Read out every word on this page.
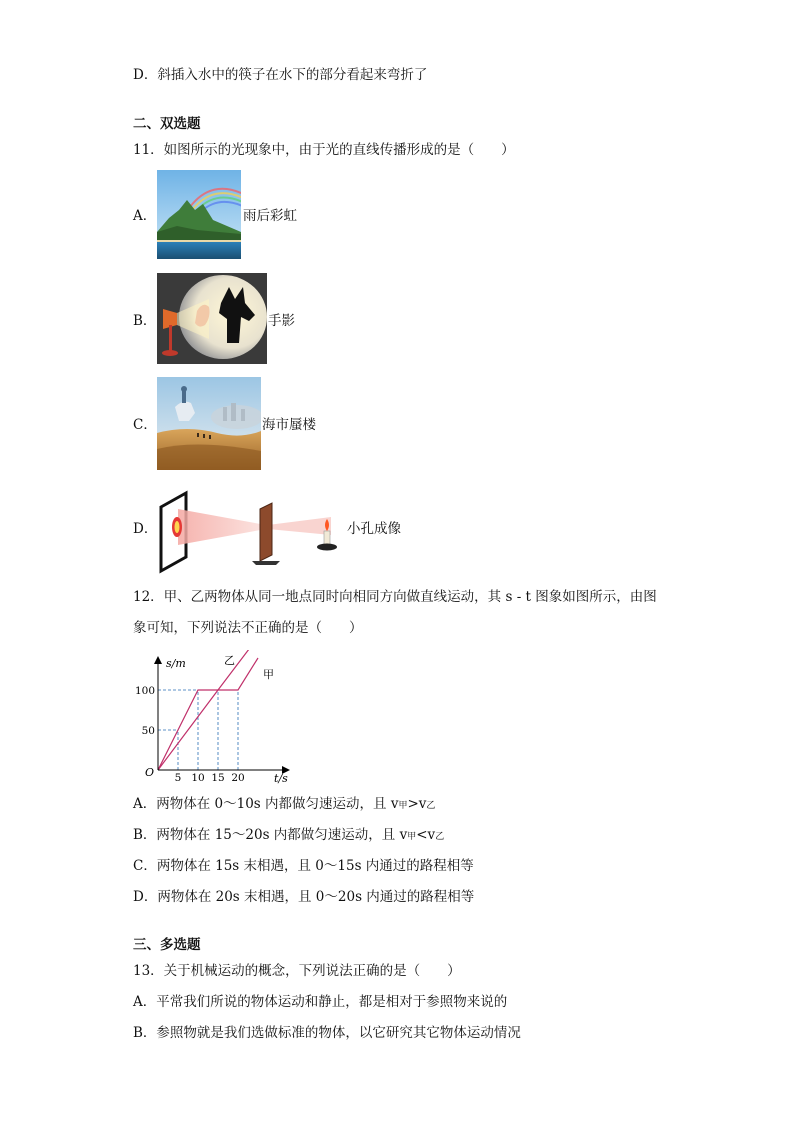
D．斜插入水中的筷子在水下的部分看起来弯折了
二、双选题
11．如图所示的光现象中，由于光的直线传播形成的是（　　）
A．	雨后彩虹
B．	手影
C．	海市蜃楼
D．	小孔成像
12．甲、乙两物体从同一地点同时向相同方向做直线运动，其 s - t 图象如图所示，由图
象可知，下列说法不正确的是（　　）
5 10 15 20
50
100
s/m
t/s
O
乙
甲
A．两物体在 0～10s 内都做匀速运动，且 v甲>v乙
B．两物体在 15～20s 内都做匀速运动，且 v甲<v乙
C．两物体在 15s 末相遇，且 0～15s 内通过的路程相等
D．两物体在 20s 末相遇，且 0～20s 内通过的路程相等
三、多选题
13．关于机械运动的概念，下列说法正确的是（　　）
A．平常我们所说的物体运动和静止，都是相对于参照物来说的
B．参照物就是我们选做标准的物体，以它研究其它物体运动情况
